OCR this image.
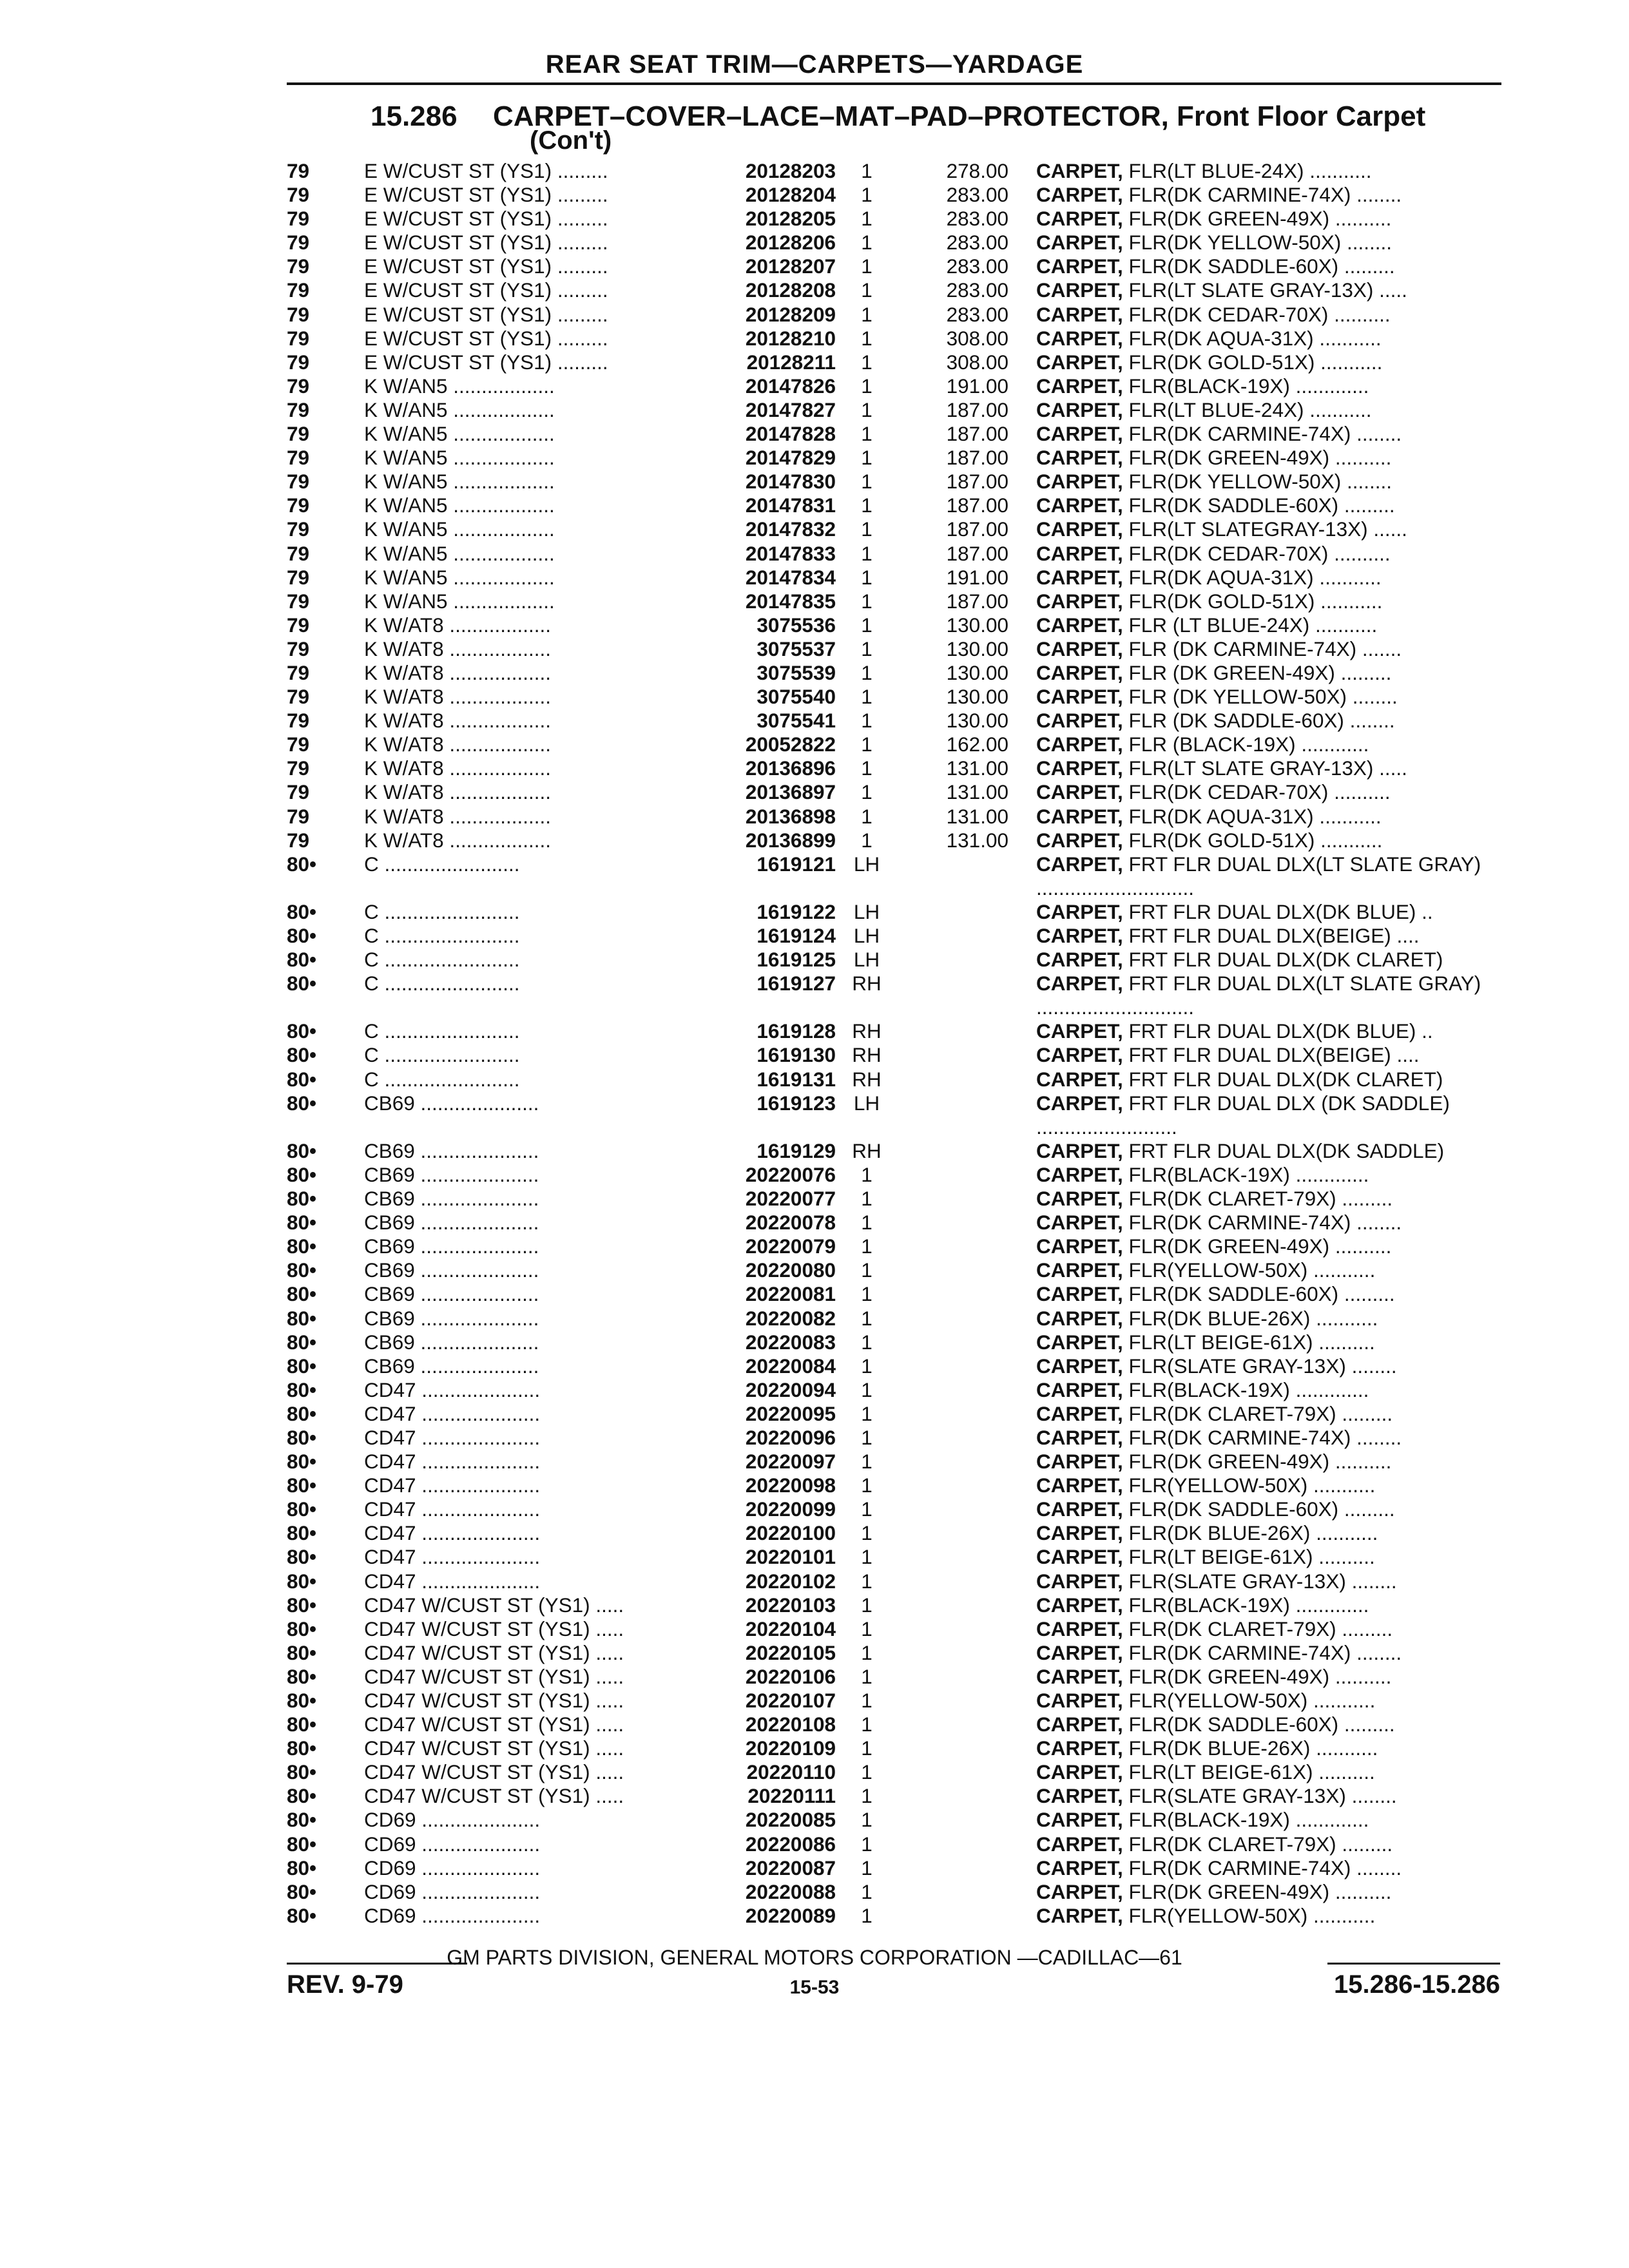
REAR SEAT TRIM—CARPETS—YARDAGE
15.286 CARPET–COVER–LACE–MAT–PAD–PROTECTOR, Front Floor Carpet
(Con't)
79	E W/CUST ST (YS1) .........	20128203	1	278.00 CARPET, FLR(LT BLUE-24X) ...........
79	E W/CUST ST (YS1) .........	20128204	1	283.00 CARPET, FLR(DK CARMINE-74X) ........
79	E W/CUST ST (YS1) .........	20128205	1	283.00 CARPET, FLR(DK GREEN-49X) ..........
79	E W/CUST ST (YS1) .........	20128206	1	283.00 CARPET, FLR(DK YELLOW-50X) ........
79	E W/CUST ST (YS1) .........	20128207	1	283.00 CARPET, FLR(DK SADDLE-60X) .........
79	E W/CUST ST (YS1) .........	20128208	1	283.00 CARPET, FLR(LT SLATE GRAY-13X) .....
79	E W/CUST ST (YS1) .........	20128209	1	283.00 CARPET, FLR(DK CEDAR-70X) ..........
79	E W/CUST ST (YS1) .........	20128210	1	308.00 CARPET, FLR(DK AQUA-31X) ...........
79	E W/CUST ST (YS1) .........	20128211	1	308.00 CARPET, FLR(DK GOLD-51X) ...........
79	K W/AN5 ..................	20147826	1	191.00 CARPET, FLR(BLACK-19X) .............
79	K W/AN5 ..................	20147827	1	187.00 CARPET, FLR(LT BLUE-24X) ...........
79	K W/AN5 ..................	20147828	1	187.00 CARPET, FLR(DK CARMINE-74X) ........
79	K W/AN5 ..................	20147829	1	187.00 CARPET, FLR(DK GREEN-49X) ..........
79	K W/AN5 ..................	20147830	1	187.00 CARPET, FLR(DK YELLOW-50X) ........
79	K W/AN5 ..................	20147831	1	187.00 CARPET, FLR(DK SADDLE-60X) .........
79	K W/AN5 ..................	20147832	1	187.00 CARPET, FLR(LT SLATEGRAY-13X) ......
79	K W/AN5 ..................	20147833	1	187.00 CARPET, FLR(DK CEDAR-70X) ..........
79	K W/AN5 ..................	20147834	1	191.00 CARPET, FLR(DK AQUA-31X) ...........
79	K W/AN5 ..................	20147835	1	187.00 CARPET, FLR(DK GOLD-51X) ...........
79	K W/AT8 ..................	3075536	1	130.00 CARPET, FLR (LT BLUE-24X) ...........
79	K W/AT8 ..................	3075537	1	130.00 CARPET, FLR (DK CARMINE-74X) .......
79	K W/AT8 ..................	3075539	1	130.00 CARPET, FLR (DK GREEN-49X) .........
79	K W/AT8 ..................	3075540	1	130.00 CARPET, FLR (DK YELLOW-50X) ........
79	K W/AT8 ..................	3075541	1	130.00 CARPET, FLR (DK SADDLE-60X) ........
79	K W/AT8 ..................	20052822	1	162.00 CARPET, FLR (BLACK-19X) ............
79	K W/AT8 ..................	20136896	1	131.00 CARPET, FLR(LT SLATE GRAY-13X) .....
79	K W/AT8 ..................	20136897	1	131.00 CARPET, FLR(DK CEDAR-70X) ..........
79	K W/AT8 ..................	20136898	1	131.00 CARPET, FLR(DK AQUA-31X) ...........
79	K W/AT8 ..................	20136899	1	131.00 CARPET, FLR(DK GOLD-51X) ...........
80•	C ........................	1619121 LH	CARPET, FRT FLR DUAL DLX(LT SLATE GRAY) ............................
80•	C ........................	1619122 LH	CARPET, FRT FLR DUAL DLX(DK BLUE) ..
80•	C ........................	1619124 LH	CARPET, FRT FLR DUAL DLX(BEIGE) ....
80•	C ........................	1619125 LH	CARPET, FRT FLR DUAL DLX(DK CLARET)
80•	C ........................	1619127 RH	CARPET, FRT FLR DUAL DLX(LT SLATE GRAY) ............................
80•	C ........................	1619128 RH	CARPET, FRT FLR DUAL DLX(DK BLUE) ..
80•	C ........................	1619130 RH	CARPET, FRT FLR DUAL DLX(BEIGE) ....
80•	C ........................	1619131 RH	CARPET, FRT FLR DUAL DLX(DK CLARET)
80•	CB69 .....................	1619123 LH	CARPET, FRT FLR DUAL DLX (DK SADDLE) .........................
80•	CB69 .....................	1619129 RH	CARPET, FRT FLR DUAL DLX(DK SADDLE)
80•	CB69 .....................	20220076	1	CARPET, FLR(BLACK-19X) .............
80•	CB69 .....................	20220077	1	CARPET, FLR(DK CLARET-79X) .........
80•	CB69 .....................	20220078	1	CARPET, FLR(DK CARMINE-74X) ........
80•	CB69 .....................	20220079	1	CARPET, FLR(DK GREEN-49X) ..........
80•	CB69 .....................	20220080	1	CARPET, FLR(YELLOW-50X) ...........
80•	CB69 .....................	20220081	1	CARPET, FLR(DK SADDLE-60X) .........
80•	CB69 .....................	20220082	1	CARPET, FLR(DK BLUE-26X) ...........
80•	CB69 .....................	20220083	1	CARPET, FLR(LT BEIGE-61X) ..........
80•	CB69 .....................	20220084	1	CARPET, FLR(SLATE GRAY-13X) ........
80•	CD47 .....................	20220094	1	CARPET, FLR(BLACK-19X) .............
80•	CD47 .....................	20220095	1	CARPET, FLR(DK CLARET-79X) .........
80•	CD47 .....................	20220096	1	CARPET, FLR(DK CARMINE-74X) ........
80•	CD47 .....................	20220097	1	CARPET, FLR(DK GREEN-49X) ..........
80•	CD47 .....................	20220098	1	CARPET, FLR(YELLOW-50X) ...........
80•	CD47 .....................	20220099	1	CARPET, FLR(DK SADDLE-60X) .........
80•	CD47 .....................	20220100	1	CARPET, FLR(DK BLUE-26X) ...........
80•	CD47 .....................	20220101	1	CARPET, FLR(LT BEIGE-61X) ..........
80•	CD47 .....................	20220102	1	CARPET, FLR(SLATE GRAY-13X) ........
80•	CD47 W/CUST ST (YS1) .....	20220103	1	CARPET, FLR(BLACK-19X) .............
80•	CD47 W/CUST ST (YS1) .....	20220104	1	CARPET, FLR(DK CLARET-79X) .........
80•	CD47 W/CUST ST (YS1) .....	20220105	1	CARPET, FLR(DK CARMINE-74X) ........
80•	CD47 W/CUST ST (YS1) .....	20220106	1	CARPET, FLR(DK GREEN-49X) ..........
80•	CD47 W/CUST ST (YS1) .....	20220107	1	CARPET, FLR(YELLOW-50X) ...........
80•	CD47 W/CUST ST (YS1) .....	20220108	1	CARPET, FLR(DK SADDLE-60X) .........
80•	CD47 W/CUST ST (YS1) .....	20220109	1	CARPET, FLR(DK BLUE-26X) ...........
80•	CD47 W/CUST ST (YS1) .....	20220110	1	CARPET, FLR(LT BEIGE-61X) ..........
80•	CD47 W/CUST ST (YS1) .....	20220111	1	CARPET, FLR(SLATE GRAY-13X) ........
80•	CD69 .....................	20220085	1	CARPET, FLR(BLACK-19X) .............
80•	CD69 .....................	20220086	1	CARPET, FLR(DK CLARET-79X) .........
80•	CD69 .....................	20220087	1	CARPET, FLR(DK CARMINE-74X) ........
80•	CD69 .....................	20220088	1	CARPET, FLR(DK GREEN-49X) ..........
80•	CD69 .....................	20220089	1	CARPET, FLR(YELLOW-50X) ...........
GM PARTS DIVISION, GENERAL MOTORS CORPORATION —CADILLAC—61
REV. 9-79	15-53	15.286-15.286
